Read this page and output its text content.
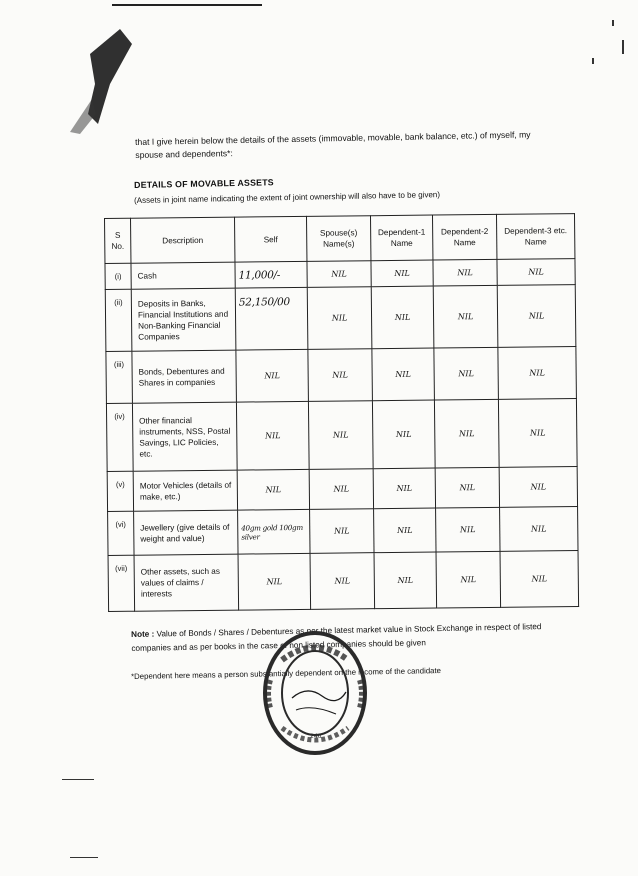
that I give herein below the details of the assets (immovable, movable, bank balance, etc.) of myself, my spouse and dependents*:
DETAILS OF MOVABLE ASSETS
(Assets in joint name indicating the extent of joint ownership will also have to be given)
S No.	Description	Self	Spouse(s) Name(s)	Dependent-1 Name	Dependent-2 Name	Dependent-3 etc. Name
(i)	Cash	11,000/-	NIL	NIL	NIL	NIL
(ii)	Deposits in Banks, Financial Institutions and Non-Banking Financial Companies	52,150/00	NIL	NIL	NIL	NIL
(iii)	Bonds, Debentures and Shares in companies	NIL	NIL	NIL	NIL	NIL
(iv)	Other financial instruments, NSS, Postal Savings, LIC Policies, etc.	NIL	NIL	NIL	NIL	NIL
(v)	Motor Vehicles (details of make, etc.)	NIL	NIL	NIL	NIL	NIL
(vi)	Jewellery (give details of weight and value)	40gm gold 100gm silver	NIL	NIL	NIL	NIL
(vii)	Other assets, such as values of claims / interests	NIL	NIL	NIL	NIL	NIL
Note : Value of Bonds / Shares / Debentures as per the latest market value in Stock Exchange in respect of listed companies and as per books in the case of non listed companies should be given
*Dependent here means a person substantially dependent on the income of the candidate
246
